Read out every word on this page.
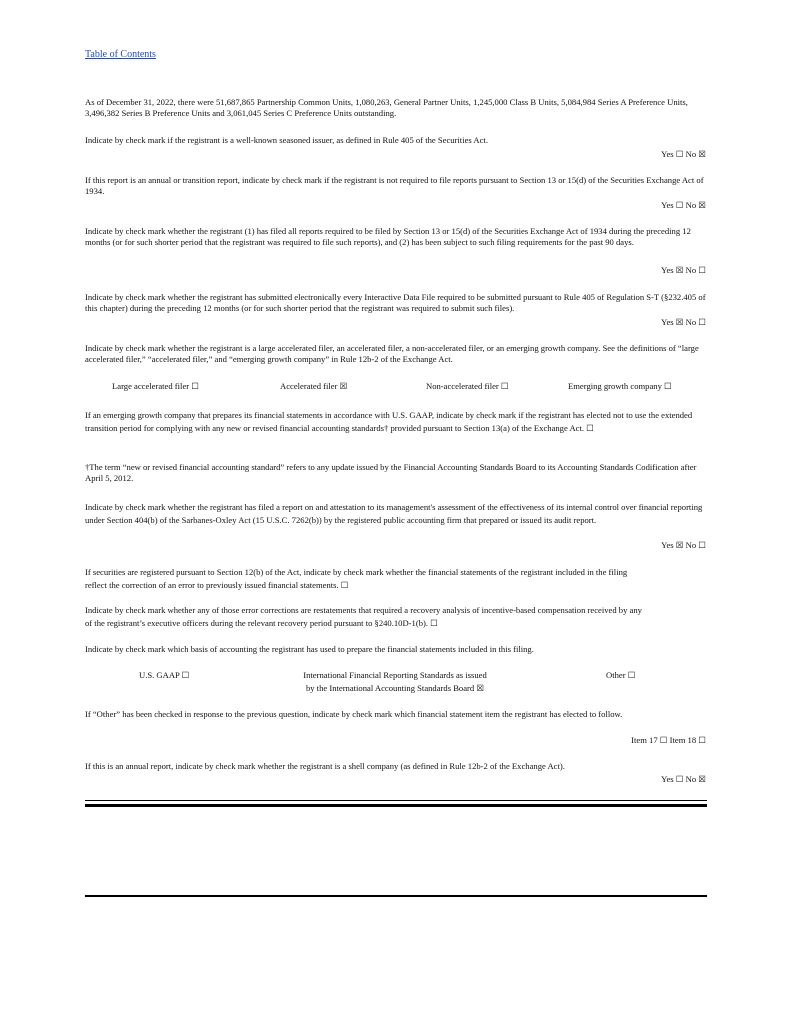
Table of Contents
As of December 31, 2022, there were 51,687,865 Partnership Common Units, 1,080,263, General Partner Units, 1,245,000 Class B Units, 5,084,984 Series A Preference Units, 3,496,382 Series B Preference Units and 3,061,045 Series C Preference Units outstanding.
Indicate by check mark if the registrant is a well-known seasoned issuer, as defined in Rule 405 of the Securities Act.
Yes ☐ No ☒
If this report is an annual or transition report, indicate by check mark if the registrant is not required to file reports pursuant to Section 13 or 15(d) of the Securities Exchange Act of 1934.
Yes ☐ No ☒
Indicate by check mark whether the registrant (1) has filed all reports required to be filed by Section 13 or 15(d) of the Securities Exchange Act of 1934 during the preceding 12 months (or for such shorter period that the registrant was required to file such reports), and (2) has been subject to such filing requirements for the past 90 days.
Yes ☒ No ☐
Indicate by check mark whether the registrant has submitted electronically every Interactive Data File required to be submitted pursuant to Rule 405 of Regulation S-T (§232.405 of this chapter) during the preceding 12 months (or for such shorter period that the registrant was required to submit such files).
Yes ☒ No ☐
Indicate by check mark whether the registrant is a large accelerated filer, an accelerated filer, a non-accelerated filer, or an emerging growth company. See the definitions of “large accelerated filer,” “accelerated filer,” and “emerging growth company” in Rule 12b-2 of the Exchange Act.
Large accelerated filer ☐	Accelerated filer ☒	Non-accelerated filer ☐	Emerging growth company ☐
If an emerging growth company that prepares its financial statements in accordance with U.S. GAAP, indicate by check mark if the registrant has elected not to use the extended transition period for complying with any new or revised financial accounting standards† provided pursuant to Section 13(a) of the Exchange Act. ☐
†The term “new or revised financial accounting standard” refers to any update issued by the Financial Accounting Standards Board to its Accounting Standards Codification after April 5, 2012.
Indicate by check mark whether the registrant has filed a report on and attestation to its management's assessment of the effectiveness of its internal control over financial reporting under Section 404(b) of the Sarbanes-Oxley Act (15 U.S.C. 7262(b)) by the registered public accounting firm that prepared or issued its audit report.
Yes ☒ No ☐
If securities are registered pursuant to Section 12(b) of the Act, indicate by check mark whether the financial statements of the registrant included in the filing reflect the correction of an error to previously issued financial statements. ☐
Indicate by check mark whether any of those error corrections are restatements that required a recovery analysis of incentive-based compensation received by any of the registrant’s executive officers during the relevant recovery period pursuant to §240.10D-1(b). ☐
Indicate by check mark which basis of accounting the registrant has used to prepare the financial statements included in this filing.
U.S. GAAP ☐	International Financial Reporting Standards as issued
by the International Accounting Standards Board ☒
Other ☐
If “Other” has been checked in response to the previous question, indicate by check mark which financial statement item the registrant has elected to follow.
Item 17 ☐ Item 18 ☐
If this is an annual report, indicate by check mark whether the registrant is a shell company (as defined in Rule 12b-2 of the Exchange Act).
Yes ☐ No ☒
